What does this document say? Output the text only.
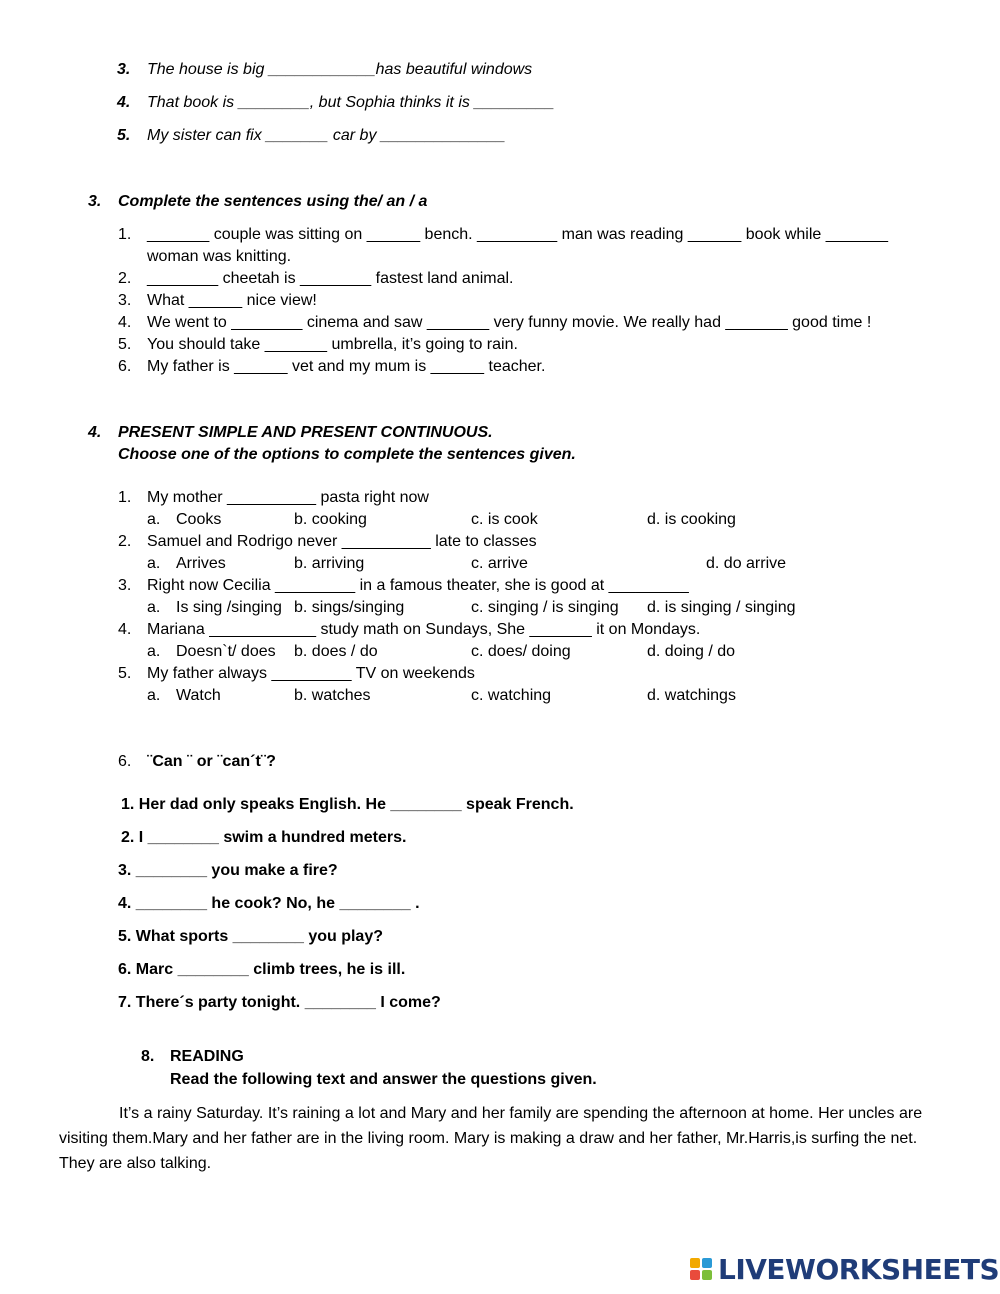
3. The house is big ____________has beautiful windows
4. That book is ________, but Sophia thinks it is _________
5. My sister can fix _______ car by ______________
3. Complete the sentences using the/ an / a
1. _______ couple was sitting on ______ bench. _________ man was reading ______ book while _______
woman was knitting.
2. ________ cheetah is ________ fastest land animal.
3. What ______ nice view!
4. We went to ________ cinema and saw _______ very funny movie. We really had _______ good time !
5. You should take _______ umbrella, it’s going to rain.
6. My father is ______ vet and my mum is ______ teacher.
4. PRESENT SIMPLE AND PRESENT CONTINUOUS.
Choose one of the options to complete the sentences given.
1. My mother __________ pasta right now
a. Cooks	b. cooking	c. is cook	d. is cooking
2. Samuel and Rodrigo never __________ late to classes
a. Arrives	b. arriving	c. arrive	d. do arrive
3. Right now Cecilia _________ in a famous theater, she is good at _________
a. Is sing /singing b. sings/singing	c. singing / is singing d. is singing / singing
4. Mariana ____________ study math on Sundays, She _______ it on Mondays.
a. Doesn`t/ does b. does / do	c. does/ doing	d. doing / do
5. My father always _________ TV on weekends
a. Watch	b. watches	c. watching	d. watchings
6. ¨Can ¨ or ¨can´t¨?
1. Her dad only speaks English. He ________ speak French.
2. I ________ swim a hundred meters.
3. ________ you make a fire?
4. ________ he cook? No, he ________ .
5. What sports ________ you play?
6. Marc ________ climb trees, he is ill.
7. There´s party tonight. ________ I come?
8. READING
Read the following text and answer the questions given.

It’s a rainy Saturday. It’s raining a lot and Mary and her family are spending the afternoon at home. Her uncles are visiting them.Mary and her father are in the living room. Mary is making a draw and her father, Mr.Harris,is surfing the net. They are also talking.

LIVEWORKSHEETS
